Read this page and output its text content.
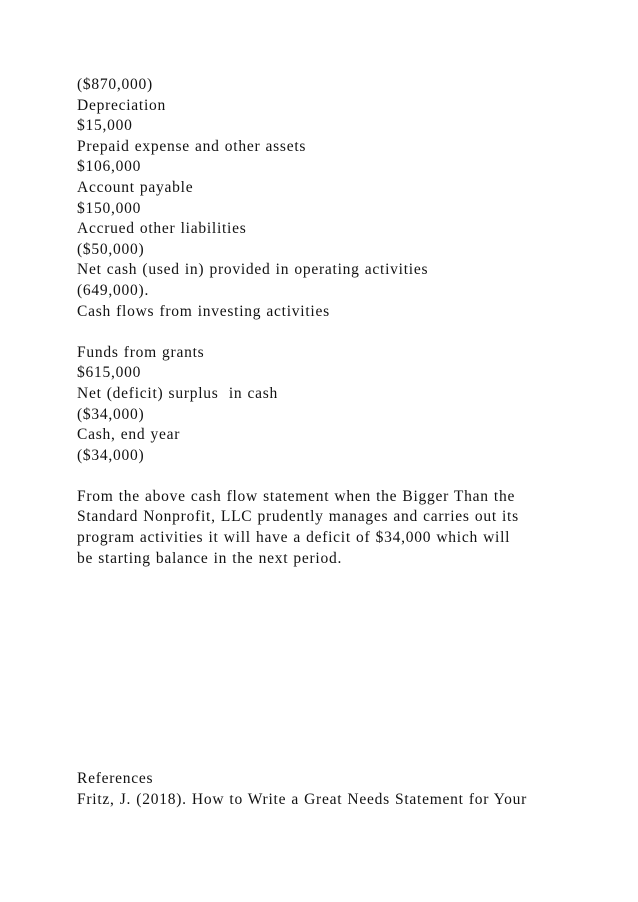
($870,000)
Depreciation
$15,000
Prepaid expense and other assets
$106,000
Account payable
$150,000
Accrued other liabilities
($50,000)
Net cash (used in) provided in operating activities
(649,000).
Cash flows from investing activities
Funds from grants
$615,000
Net (deficit) surplus  in cash
($34,000)
Cash, end year
($34,000)
From the above cash flow statement when the Bigger Than the
Standard Nonprofit, LLC prudently manages and carries out its
program activities it will have a deficit of $34,000 which will
be starting balance in the next period.
References
Fritz, J. (2018). How to Write a Great Needs Statement for Your
